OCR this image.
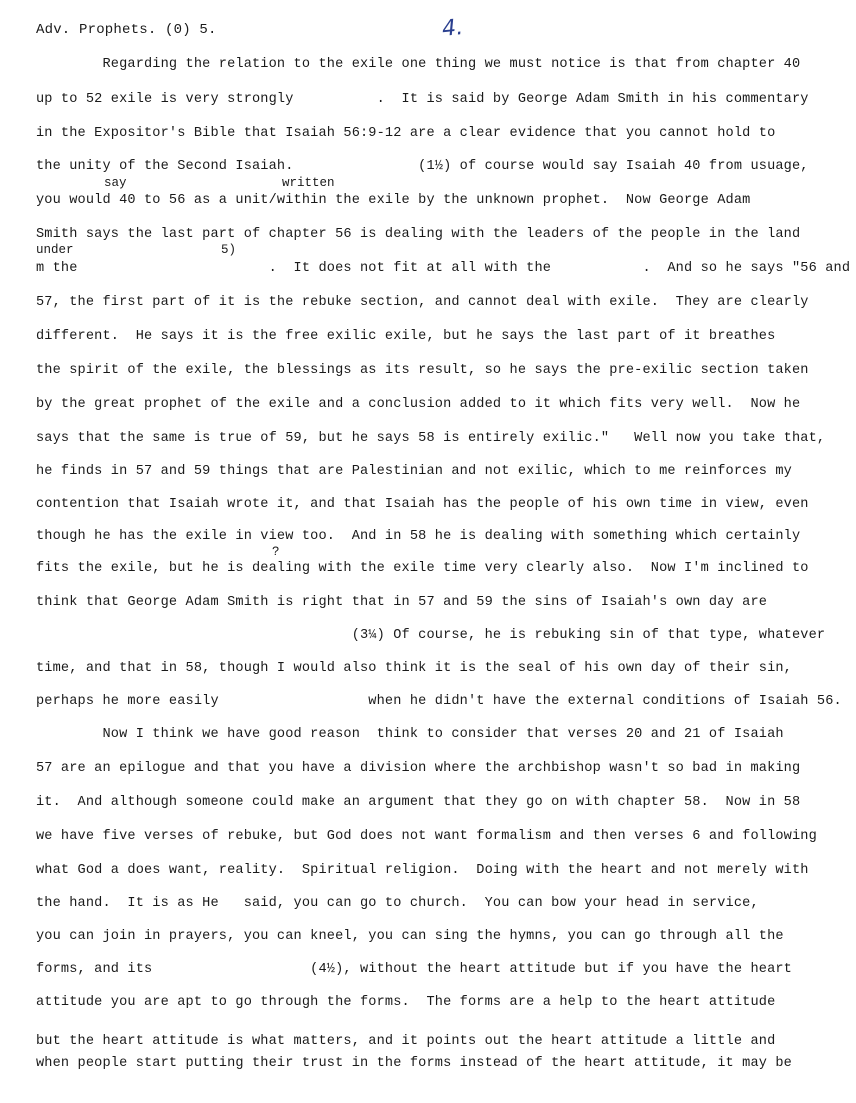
Adv. Prophets. (0) 5.	4.
say	written
under	5)
?
Regarding the relation to the exile one thing we must notice is that from chapter 40
up to 52 exile is very strongly          .  It is said by George Adam Smith in his commentary
in the Expositor's Bible that Isaiah 56:9-12 are a clear evidence that you cannot hold to
the unity of the Second Isaiah.               (1½) of course would say Isaiah 40 from usuage,
you would 40 to 56 as a unit/within the exile by the unknown prophet.  Now George Adam
Smith says the last part of chapter 56 is dealing with the leaders of the people in the land
m the                       .  It does not fit at all with the           .  And so he says "56 and
57, the first part of it is the rebuke section, and cannot deal with exile.  They are clearly
different.  He says it is the free exilic exile, but he says the last part of it breathes
the spirit of the exile, the blessings as its result, so he says the pre-exilic section taken
by the great prophet of the exile and a conclusion added to it which fits very well.  Now he
says that the same is true of 59, but he says 58 is entirely exilic."   Well now you take that,
he finds in 57 and 59 things that are Palestinian and not exilic, which to me reinforces my
contention that Isaiah wrote it, and that Isaiah has the people of his own time in view, even
though he has the exile in view too.  And in 58 he is dealing with something which certainly
fits the exile, but he is dealing with the exile time very clearly also.  Now I'm inclined to
think that George Adam Smith is right that in 57 and 59 the sins of Isaiah's own day are
(3¼) Of course, he is rebuking sin of that type, whatever
time, and that in 58, though I would also think it is the seal of his own day of their sin,
perhaps he more easily                  when he didn't have the external conditions of Isaiah 56.
Now I think we have good reason  think to consider that verses 20 and 21 of Isaiah
57 are an epilogue and that you have a division where the archbishop wasn't so bad in making
it.  And although someone could make an argument that they go on with chapter 58.  Now in 58
we have five verses of rebuke, but God does not want formalism and then verses 6 and following
what God a does want, reality.  Spiritual religion.  Doing with the heart and not merely with
the hand.  It is as He   said, you can go to church.  You can bow your head in service,
you can join in prayers, you can kneel, you can sing the hymns, you can go through all the
forms, and its                   (4½), without the heart attitude but if you have the heart
attitude you are apt to go through the forms.  The forms are a help to the heart attitude
but the heart attitude is what matters, and it points out the heart attitude a little and
when people start putting their trust in the forms instead of the heart attitude, it may be
